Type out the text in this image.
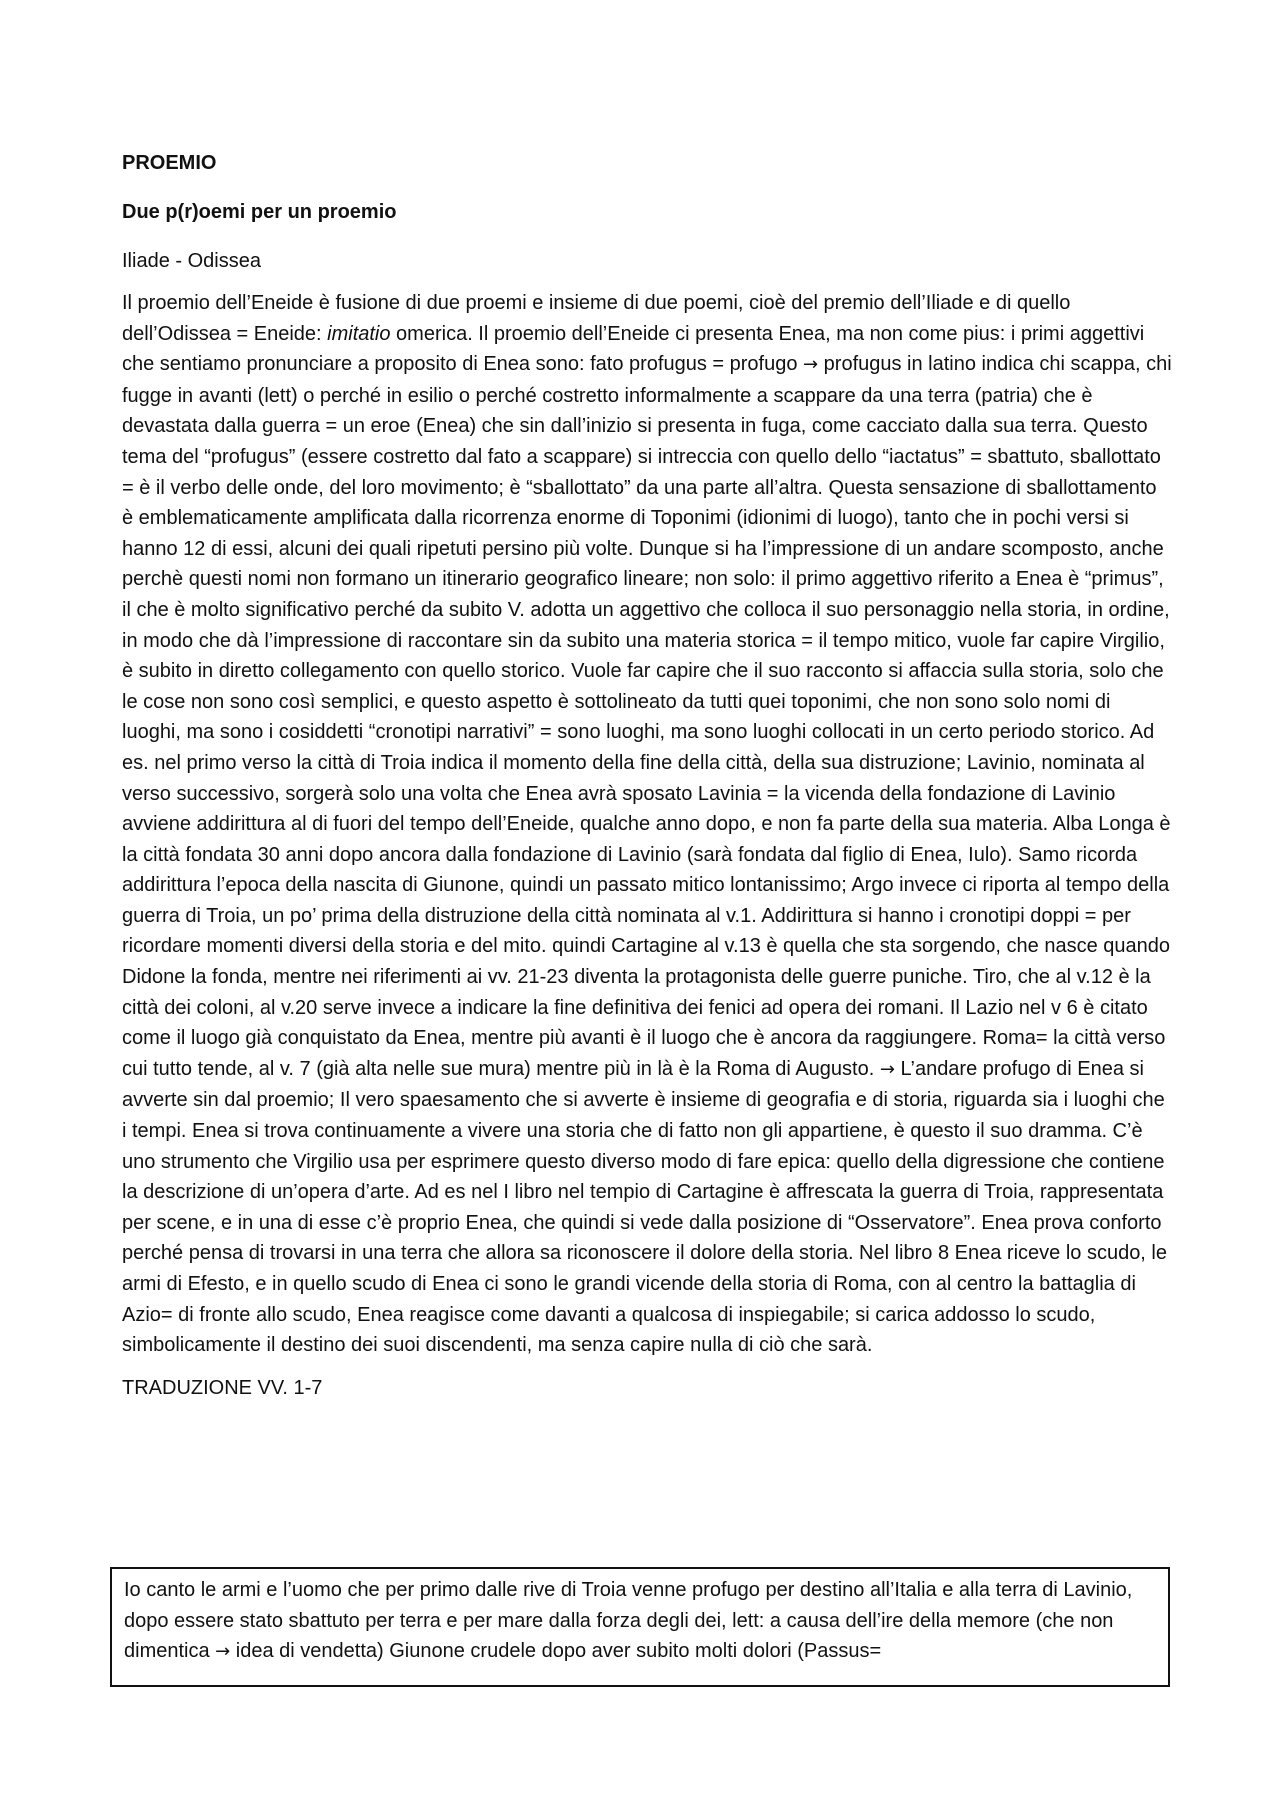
PROEMIO

Due p(r)oemi per un proemio

Iliade - Odissea

Il proemio dell’Eneide è fusione di due proemi e insieme di due poemi, cioè del premio dell’Iliade e di quello dell’Odissea = Eneide: imitatio omerica. Il proemio dell’Eneide ci presenta Enea, ma non come pius: i primi aggettivi che sentiamo pronunciare a proposito di Enea sono: fato profugus = profugo → profugus in latino indica chi scappa, chi fugge in avanti (lett) o perché in esilio o perché costretto informalmente a scappare da una terra (patria) che è devastata dalla guerra = un eroe (Enea) che sin dall’inizio si presenta in fuga, come cacciato dalla sua terra. Questo tema del “profugus” (essere costretto dal fato a scappare) si intreccia con quello dello “iactatus” = sbattuto, sballottato = è il verbo delle onde, del loro movimento; è “sballottato” da una parte all’altra. Questa sensazione di sballottamento è emblematicamente amplificata dalla ricorrenza enorme di Toponimi (idionimi di luogo), tanto che in pochi versi si hanno 12 di essi, alcuni dei quali ripetuti persino più volte. Dunque si ha l’impressione di un andare scomposto, anche perchè questi nomi non formano un itinerario geografico lineare; non solo: il primo aggettivo riferito a Enea è “primus”, il che è molto significativo perché da subito V. adotta un aggettivo che colloca il suo personaggio nella storia, in ordine, in modo che dà l’impressione di raccontare sin da subito una materia storica = il tempo mitico, vuole far capire Virgilio, è subito in diretto collegamento con quello storico. Vuole far capire che il suo racconto si affaccia sulla storia, solo che le cose non sono così semplici, e questo aspetto è sottolineato da tutti quei toponimi, che non sono solo nomi di luoghi, ma sono i cosiddetti “cronotipi narrativi” = sono luoghi, ma sono luoghi collocati in un certo periodo storico. Ad es. nel primo verso la città di Troia indica il momento della fine della città, della sua distruzione; Lavinio, nominata al verso successivo, sorgerà solo una volta che Enea avrà sposato Lavinia = la vicenda della fondazione di Lavinio avviene addirittura al di fuori del tempo dell’Eneide, qualche anno dopo, e non fa parte della sua materia. Alba Longa è la città fondata 30 anni dopo ancora dalla fondazione di Lavinio (sarà fondata dal figlio di Enea, Iulo). Samo ricorda addirittura l’epoca della nascita di Giunone, quindi un passato mitico lontanissimo; Argo invece ci riporta al tempo della guerra di Troia, un po’ prima della distruzione della città nominata al v.1. Addirittura si hanno i cronotipi doppi = per ricordare momenti diversi della storia e del mito. quindi Cartagine al v.13 è quella che sta sorgendo, che nasce quando Didone la fonda, mentre nei riferimenti ai vv. 21-23 diventa la protagonista delle guerre puniche. Tiro, che al v.12 è la città dei coloni, al v.20 serve invece a indicare la fine definitiva dei fenici ad opera dei romani. Il Lazio nel v 6 è citato come il luogo già conquistato da Enea, mentre più avanti è il luogo che è ancora da raggiungere. Roma= la città verso cui tutto tende, al v. 7 (già alta nelle sue mura) mentre più in là è la Roma di Augusto. → L’andare profugo di Enea si avverte sin dal proemio; Il vero spaesamento che si avverte è insieme di geografia e di storia, riguarda sia i luoghi che i tempi. Enea si trova continuamente a vivere una storia che di fatto non gli appartiene, è questo il suo dramma. C’è uno strumento che Virgilio usa per esprimere questo diverso modo di fare epica: quello della digressione che contiene la descrizione di un’opera d’arte. Ad es nel I libro nel tempio di Cartagine è affrescata la guerra di Troia, rappresentata per scene, e in una di esse c’è proprio Enea, che quindi si vede dalla posizione di “Osservatore”. Enea prova conforto perché pensa di trovarsi in una terra che allora sa riconoscere il dolore della storia. Nel libro 8 Enea riceve lo scudo, le armi di Efesto, e in quello scudo di Enea ci sono le grandi vicende della storia di Roma, con al centro la battaglia di Azio= di fronte allo scudo, Enea reagisce come davanti a qualcosa di inspiegabile; si carica addosso lo scudo, simbolicamente il destino dei suoi discendenti, ma senza capire nulla di ciò che sarà.

TRADUZIONE VV. 1-7

Io canto le armi e l’uomo che per primo dalle rive di Troia venne profugo per destino all’Italia e alla terra di Lavinio, dopo essere stato sbattuto per terra e per mare dalla forza degli dei, lett: a causa dell’ire della memore (che non dimentica → idea di vendetta) Giunone crudele dopo aver subito molti dolori (Passus=
